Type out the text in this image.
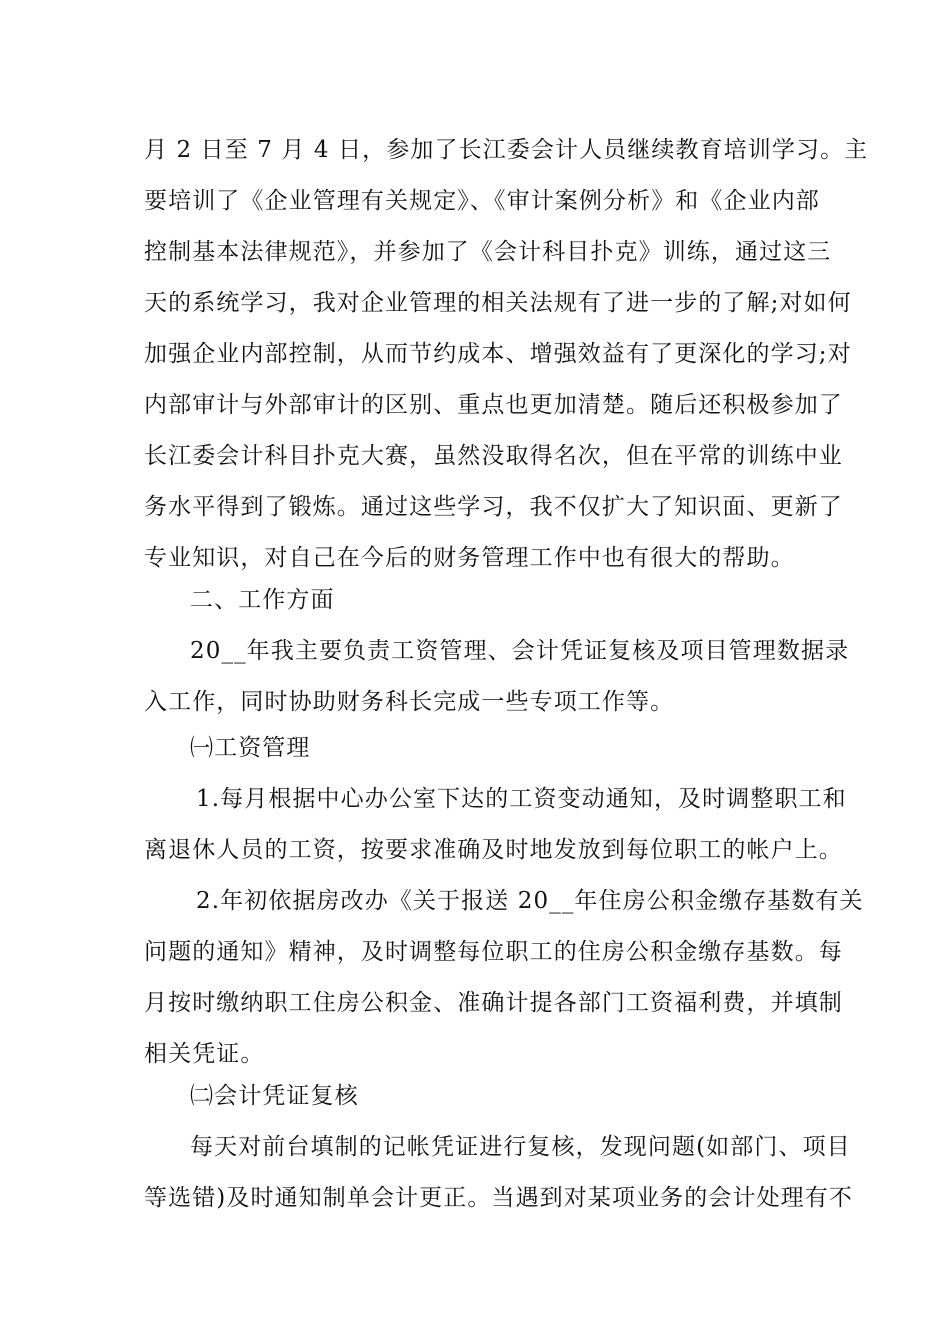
月 2 日至 7 月 4 日，参加了长江委会计人员继续教育培训学习。主
要培训了《企业管理有关规定》、《审计案例分析》和《企业内部
控制基本法律规范》，并参加了《会计科目扑克》训练，通过这三
天的系统学习，我对企业管理的相关法规有了进一步的了解;对如何
加强企业内部控制，从而节约成本、增强效益有了更深化的学习;对
内部审计与外部审计的区别、重点也更加清楚。随后还积极参加了
长江委会计科目扑克大赛，虽然没取得名次，但在平常的训练中业
务水平得到了锻炼。通过这些学习，我不仅扩大了知识面、更新了
专业知识，对自己在今后的财务管理工作中也有很大的帮助。
二、工作方面
20__年我主要负责工资管理、会计凭证复核及项目管理数据录
入工作，同时协助财务科长完成一些专项工作等。
㈠工资管理
1.每月根据中心办公室下达的工资变动通知，及时调整职工和
离退休人员的工资，按要求准确及时地发放到每位职工的帐户上。
2.年初依据房改办《关于报送 20__年住房公积金缴存基数有关
问题的通知》精神，及时调整每位职工的住房公积金缴存基数。每
月按时缴纳职工住房公积金、准确计提各部门工资福利费，并填制
相关凭证。
㈡会计凭证复核
每天对前台填制的记帐凭证进行复核，发现问题(如部门、项目
等选错)及时通知制单会计更正。当遇到对某项业务的会计处理有不
